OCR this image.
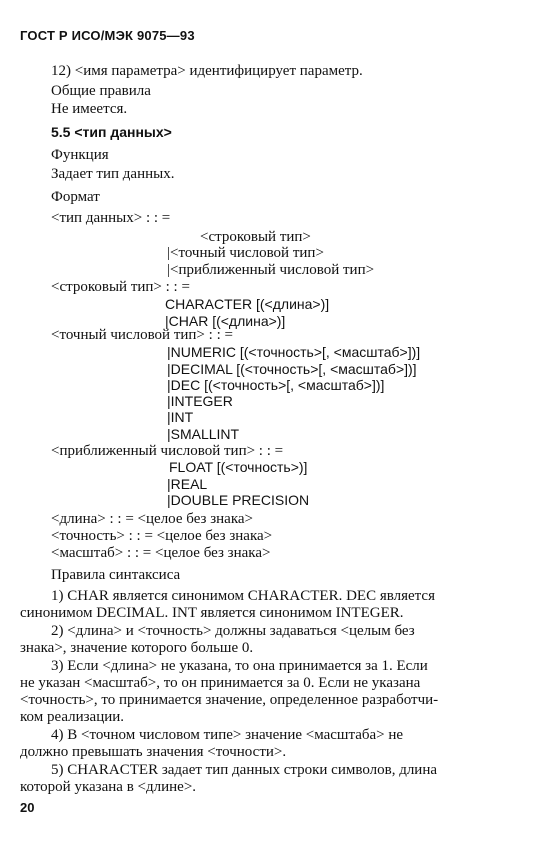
ГОСТ Р ИСО/МЭК 9075—93
12) <имя параметра> идентифицирует параметр.
Общие правила
Не имеется.
5.5 <тип данных>
Функция
Задает тип данных.
Формат
<тип данных> : : =
<строковый тип>
|<точный числовой тип>
|<приближенный числовой тип>
<строковый тип> : : =
CHARACTER [(<длина>)]
|CHAR [(<длина>)]
<точный числовой тип> : : =
|NUMERIC [(<точность>[, <масштаб>])]
|DECIMAL [(<точность>[, <масштаб>])]
|DEC [(<точность>[, <масштаб>])]
|INTEGER
|INT
|SMALLINT
<приближенный числовой тип> : : =
FLOAT [(<точность>)]
|REAL
|DOUBLE PRECISION
<длина> : : = <целое без знака>
<точность> : : = <целое без знака>
<масштаб> : : = <целое без знака>
Правила синтаксиса
1) CHAR является синонимом CHARACTER. DEC является
синонимом DECIMAL. INT является синонимом INTEGER.
2) <длина> и <точность> должны задаваться <целым без
знака>, значение которого больше 0.
3) Если <длина> не указана, то она принимается за 1. Если
не указан <масштаб>, то он принимается за 0. Если не указана
<точность>, то принимается значение, определенное разработчи-
ком реализации.
4) В <точном числовом типе> значение <масштаба> не
должно превышать значения <точности>.
5) CHARACTER задает тип данных строки символов, длина
которой указана в <длине>.
20
